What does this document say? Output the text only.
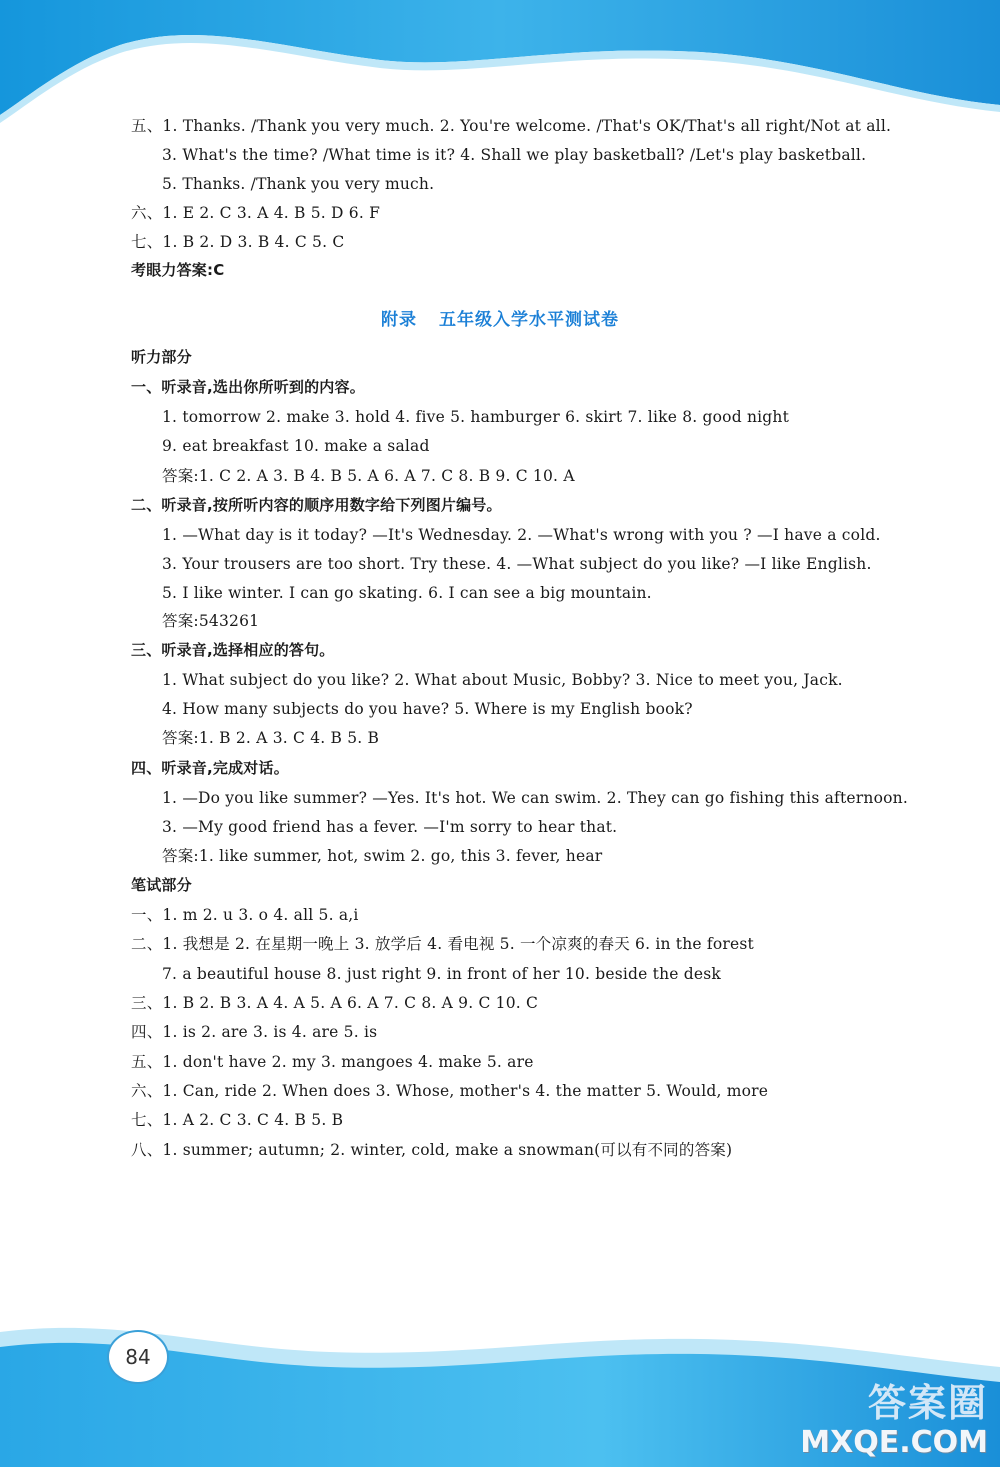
五、1. Thanks. /Thank you very much. 2. You're welcome. /That's OK/That's all right/Not at all.
3. What's the time? /What time is it? 4. Shall we play basketball? /Let's play basketball.
5. Thanks. /Thank you very much.
六、1. E 2. C 3. A 4. B 5. D 6. F
七、1. B 2. D 3. B 4. C 5. C
考眼力答案:C
附录 五年级入学水平测试卷
听力部分
一、听录音,选出你所听到的内容。
1. tomorrow 2. make 3. hold 4. five 5. hamburger 6. skirt 7. like 8. good night
9. eat breakfast 10. make a salad
答案:1. C 2. A 3. B 4. B 5. A 6. A 7. C 8. B 9. C 10. A
二、听录音,按所听内容的顺序用数字给下列图片编号。
1. —What day is it today? —It's Wednesday. 2. —What's wrong with you ? —I have a cold.
3. Your trousers are too short. Try these. 4. —What subject do you like? —I like English.
5. I like winter. I can go skating. 6. I can see a big mountain.
答案:543261
三、听录音,选择相应的答句。
1. What subject do you like? 2. What about Music, Bobby? 3. Nice to meet you, Jack.
4. How many subjects do you have? 5. Where is my English book?
答案:1. B 2. A 3. C 4. B 5. B
四、听录音,完成对话。
1. —Do you like summer? —Yes. It's hot. We can swim. 2. They can go fishing this afternoon.
3. —My good friend has a fever. —I'm sorry to hear that.
答案:1. like summer, hot, swim 2. go, this 3. fever, hear
笔试部分
一、1. m 2. u 3. o 4. all 5. a,i
二、1. 我想是 2. 在星期一晚上 3. 放学后 4. 看电视 5. 一个凉爽的春天 6. in the forest
7. a beautiful house 8. just right 9. in front of her 10. beside the desk
三、1. B 2. B 3. A 4. A 5. A 6. A 7. C 8. A 9. C 10. C
四、1. is 2. are 3. is 4. are 5. is
五、1. don't have 2. my 3. mangoes 4. make 5. are
六、1. Can, ride 2. When does 3. Whose, mother's 4. the matter 5. Would, more
七、1. A 2. C 3. C 4. B 5. B
八、1. summer; autumn; 2. winter, cold, make a snowman(可以有不同的答案)
84
答案圈
MXQE.COM
